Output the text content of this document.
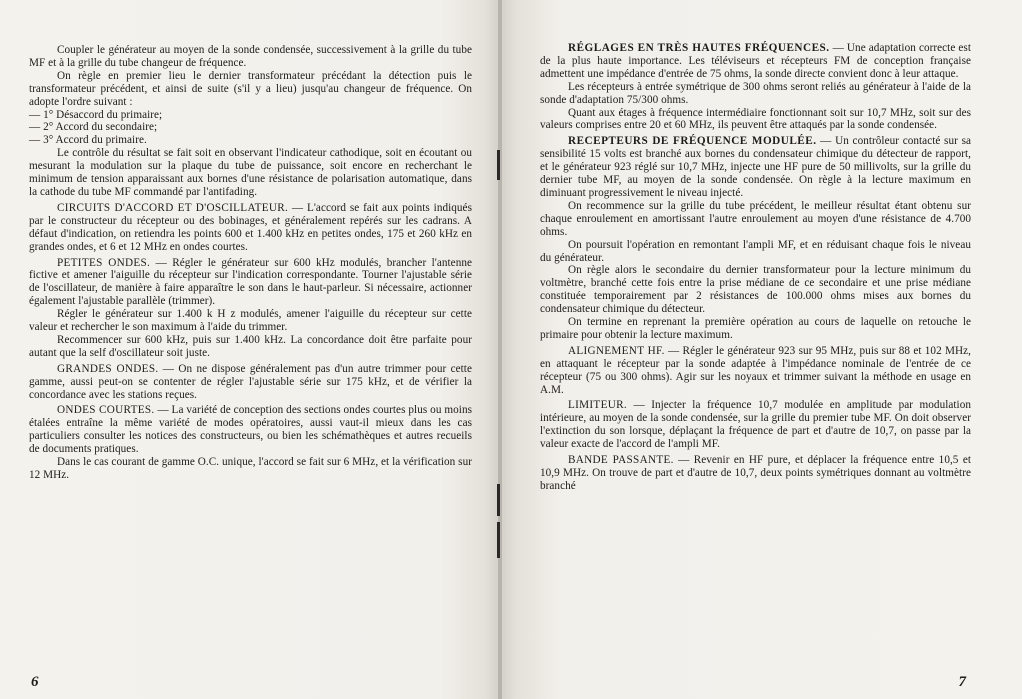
Coupler le générateur au moyen de la sonde condensée, successivement à la grille du tube MF et à la grille du tube changeur de fréquence.

On règle en premier lieu le dernier transformateur précédant la détection puis le transformateur précédent, et ainsi de suite (s'il y a lieu) jusqu'au changeur de fréquence. On adopte l'ordre suivant :

— 1° Désaccord du primaire;

— 2° Accord du secondaire;

— 3° Accord du primaire.

Le contrôle du résultat se fait soit en observant l'indicateur cathodique, soit en écoutant ou mesurant la modulation sur la plaque du tube de puissance, soit encore en recherchant le minimum de tension apparaissant aux bornes d'une résistance de polarisation automatique, dans la cathode du tube MF commandé par l'antifading.

CIRCUITS D'ACCORD ET D'OSCILLATEUR. — L'accord se fait aux points indiqués par le constructeur du récepteur ou des bobinages, et généralement repérés sur les cadrans. A défaut d'indication, on retiendra les points 600 et 1.400 kHz en petites ondes, 175 et 260 kHz en grandes ondes, et 6 et 12 MHz en ondes courtes.

PETITES ONDES. — Régler le générateur sur 600 kHz modulés, brancher l'antenne fictive et amener l'aiguille du récepteur sur l'indication correspondante. Tourner l'ajustable série de l'oscillateur, de manière à faire apparaître le son dans le haut-parleur. Si nécessaire, actionner également l'ajustable parallèle (trimmer).

Régler le générateur sur 1.400 k H z modulés, amener l'aiguille du récepteur sur cette valeur et rechercher le son maximum à l'aide du trimmer.

Recommencer sur 600 kHz, puis sur 1.400 kHz. La concordance doit être parfaite pour autant que la self d'oscillateur soit juste.

GRANDES ONDES. — On ne dispose généralement pas d'un autre trimmer pour cette gamme, aussi peut-on se contenter de régler l'ajustable série sur 175 kHz, et de vérifier la concordance avec les stations reçues.

ONDES COURTES. — La variété de conception des sections ondes courtes plus ou moins étalées entraîne la même variété de modes opératoires, aussi vaut-il mieux dans les cas particuliers consulter les notices des constructeurs, ou bien les schémathèques et autres recueils de documents pratiques.

Dans le cas courant de gamme O.C. unique, l'accord se fait sur 6 MHz, et la vérification sur 12 MHz.

6

RÉGLAGES EN TRÈS HAUTES FRÉQUENCES. — Une adaptation correcte est de la plus haute importance. Les téléviseurs et récepteurs FM de conception française admettent une impédance d'entrée de 75 ohms, la sonde directe convient donc à leur attaque.

Les récepteurs à entrée symétrique de 300 ohms seront reliés au générateur à l'aide de la sonde d'adaptation 75/300 ohms.

Quant aux étages à fréquence intermédiaire fonctionnant soit sur 10,7 MHz, soit sur des valeurs comprises entre 20 et 60 MHz, ils peuvent être attaqués par la sonde condensée.

RECEPTEURS DE FRÉQUENCE MODULÉE. — Un contrôleur contacté sur sa sensibilité 15 volts est branché aux bornes du condensateur chimique du détecteur de rapport, et le générateur 923 réglé sur 10,7 MHz, injecte une HF pure de 50 millivolts, sur la grille du dernier tube MF, au moyen de la sonde condensée. On règle à la lecture maximum en diminuant progressivement le niveau injecté.

On recommence sur la grille du tube précédent, le meilleur résultat étant obtenu sur chaque enroulement en amortissant l'autre enroulement au moyen d'une résistance de 4.700 ohms.

On poursuit l'opération en remontant l'ampli MF, et en réduisant chaque fois le niveau du générateur.

On règle alors le secondaire du dernier transformateur pour la lecture minimum du voltmètre, branché cette fois entre la prise médiane de ce secondaire et une prise médiane constituée temporairement par 2 résistances de 100.000 ohms mises aux bornes du condensateur chimique du détecteur.

On termine en reprenant la première opération au cours de laquelle on retouche le primaire pour obtenir la lecture maximum.

ALIGNEMENT HF. — Régler le générateur 923 sur 95 MHz, puis sur 88 et 102 MHz, en attaquant le récepteur par la sonde adaptée à l'impédance nominale de l'entrée de ce récepteur (75 ou 300 ohms). Agir sur les noyaux et trimmer suivant la méthode en usage en A.M.

LIMITEUR. — Injecter la fréquence 10,7 modulée en amplitude par modulation intérieure, au moyen de la sonde condensée, sur la grille du premier tube MF. On doit observer l'extinction du son lorsque, déplaçant la fréquence de part et d'autre de 10,7, on passe par la valeur exacte de l'accord de l'ampli MF.

BANDE PASSANTE. — Revenir en HF pure, et déplacer la fréquence entre 10,5 et 10,9 MHz. On trouve de part et d'autre de 10,7, deux points symétriques donnant au voltmètre branché

7
